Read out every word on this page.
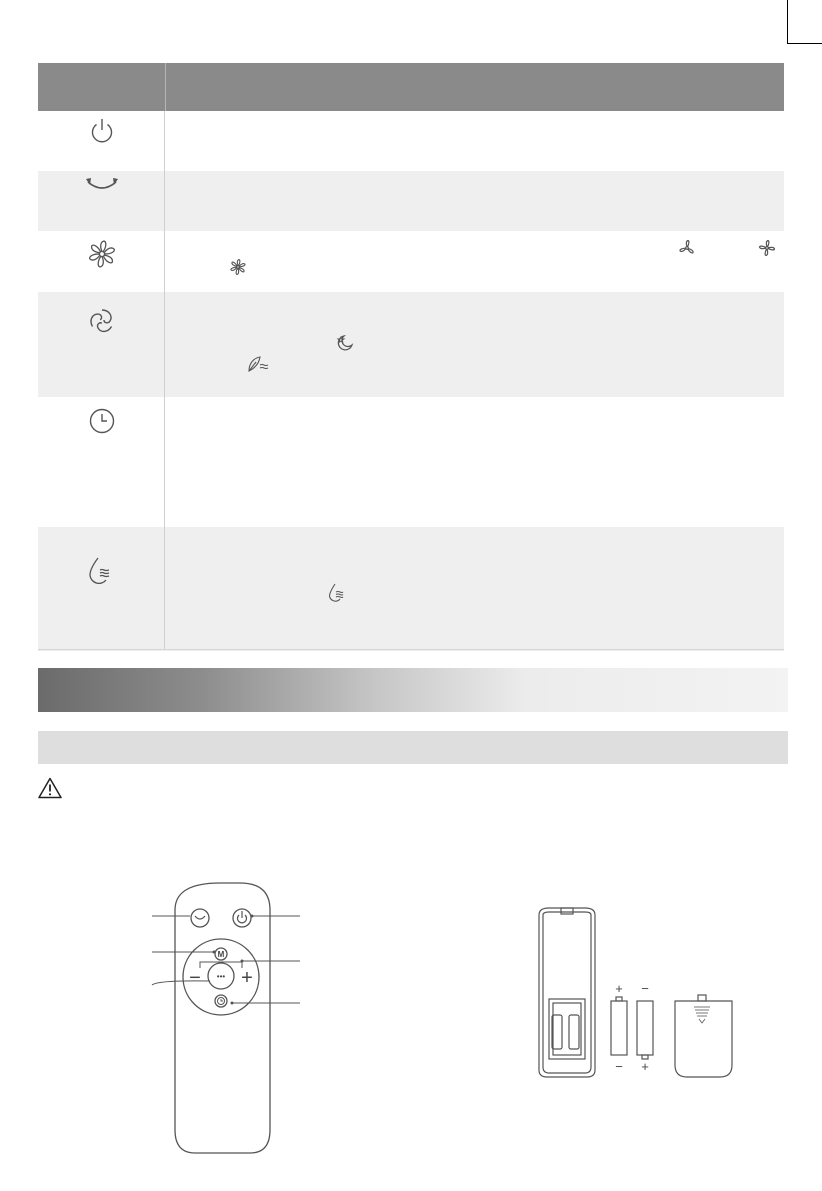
M
− +
•••
+ −
− +
